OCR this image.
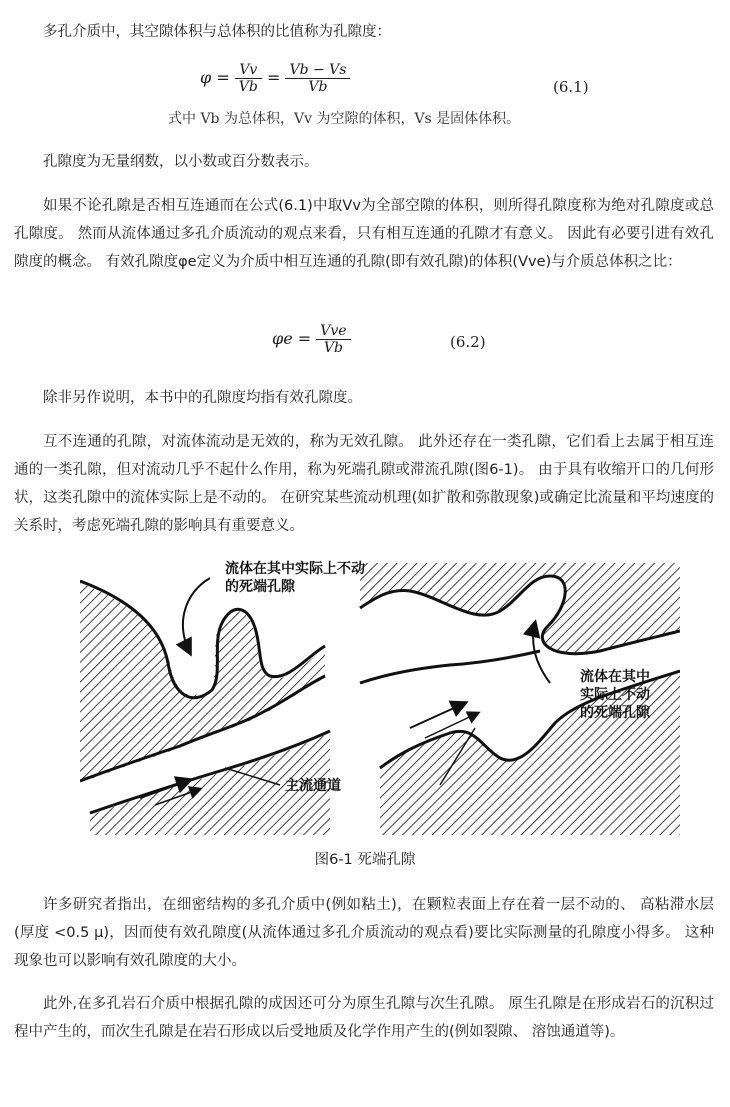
多孔介质中，其空隙体积与总体积的比值称为孔隙度：

$\varphi = \frac{Vv}{Vb} = \frac{Vb - Vs}{Vb}$	(6.1)
式中 Vb 为总体积，Vv 为空隙的体积，Vs 是固体体积。

孔隙度为无量纲数，以小数或百分数表示。

如果不论孔隙是否相互连通而在公式(6.1)中取Vv为全部空隙的体积，则所得孔隙度称为绝对孔隙度或总孔隙度。 然而从流体通过多孔介质流动的观点来看，只有相互连通的孔隙才有意义。 因此有必要引进有效孔隙度的概念。 有效孔隙度φe定义为介质中相互连通的孔隙(即有效孔隙)的体积(Vve)与介质总体积之比：

$\varphi e = \frac{\text{Vve}}{Vb}$	(6.2)

除非另作说明，本书中的孔隙度均指有效孔隙度。

互不连通的孔隙，对流体流动是无效的，称为无效孔隙。 此外还存在一类孔隙，它们看上去属于相互连通的一类孔隙，但对流动几乎不起什么作用，称为死端孔隙或滞流孔隙(图6-1)。 由于具有收缩开口的几何形状，这类孔隙中的流体实际上是不动的。 在研究某些流动机理(如扩散和弥散现象)或确定比流量和平均速度的关系时，考虑死端孔隙的影响具有重要意义。

流体在其中实际上不动
的死端孔隙
流体在其中
实际上不动
的死端孔隙
主流通道
图6-1 死端孔隙

许多研究者指出，在细密结构的多孔介质中(例如粘土)，在颗粒表面上存在着一层不动的、 高粘滞水层(厚度 <0.5 μ)，因而使有效孔隙度(从流体通过多孔介质流动的观点看)要比实际测量的孔隙度小得多。 这种现象也可以影响有效孔隙度的大小。

此外,在多孔岩石介质中根据孔隙的成因还可分为原生孔隙与次生孔隙。 原生孔隙是在形成岩石的沉积过程中产生的，而次生孔隙是在岩石形成以后受地质及化学作用产生的(例如裂隙、 溶蚀通道等)。
